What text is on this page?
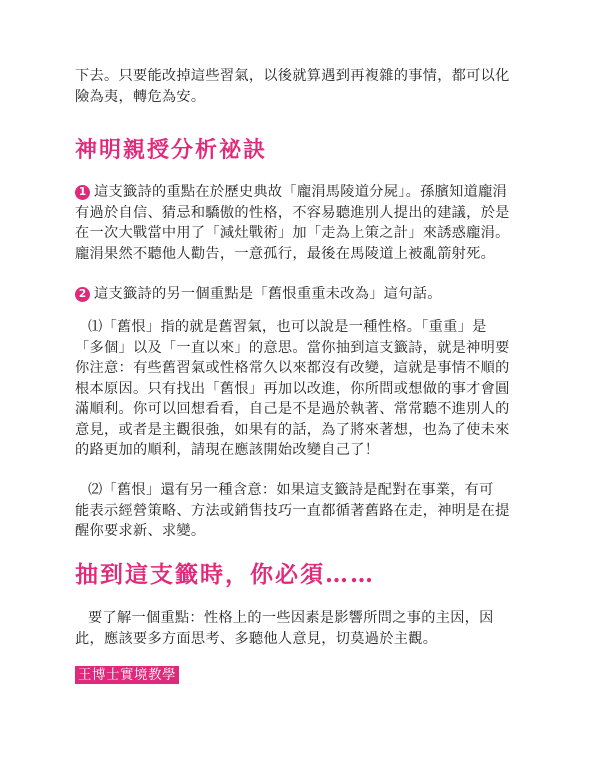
下去。只要能改掉這些習氣，以後就算遇到再複雜的事情，都可以化
險為夷，轉危為安。
神明親授分析祕訣
1 這支籤詩的重點在於歷史典故「龐涓馬陵道分屍」。孫臏知道龐涓
有過於自信、猜忌和驕傲的性格，不容易聽進別人提出的建議，於是
在一次大戰當中用了「減灶戰術」加「走為上策之計」來誘惑龐涓。
龐涓果然不聽他人勸告，一意孤行，最後在馬陵道上被亂箭射死。
2 這支籤詩的另一個重點是「舊恨重重未改為」這句話。
⑴「舊恨」指的就是舊習氣，也可以說是一種性格。「重重」是
「多個」以及「一直以來」的意思。當你抽到這支籤詩，就是神明要
你注意：有些舊習氣或性格常久以來都沒有改變，這就是事情不順的
根本原因。只有找出「舊恨」再加以改進，你所問或想做的事才會圓
滿順利。你可以回想看看，自己是不是過於執著、常常聽不進別人的
意見，或者是主觀很強，如果有的話，為了將來著想，也為了使未來
的路更加的順利，請現在應該開始改變自己了！
⑵「舊恨」還有另一種含意：如果這支籤詩是配對在事業，有可
能表示經營策略、方法或銷售技巧一直都循著舊路在走，神明是在提
醒你要求新、求變。
抽到這支籤時，你必須……
要了解一個重點：性格上的一些因素是影響所問之事的主因，因
此，應該要多方面思考、多聽他人意見，切莫過於主觀。
王博士實境教學
